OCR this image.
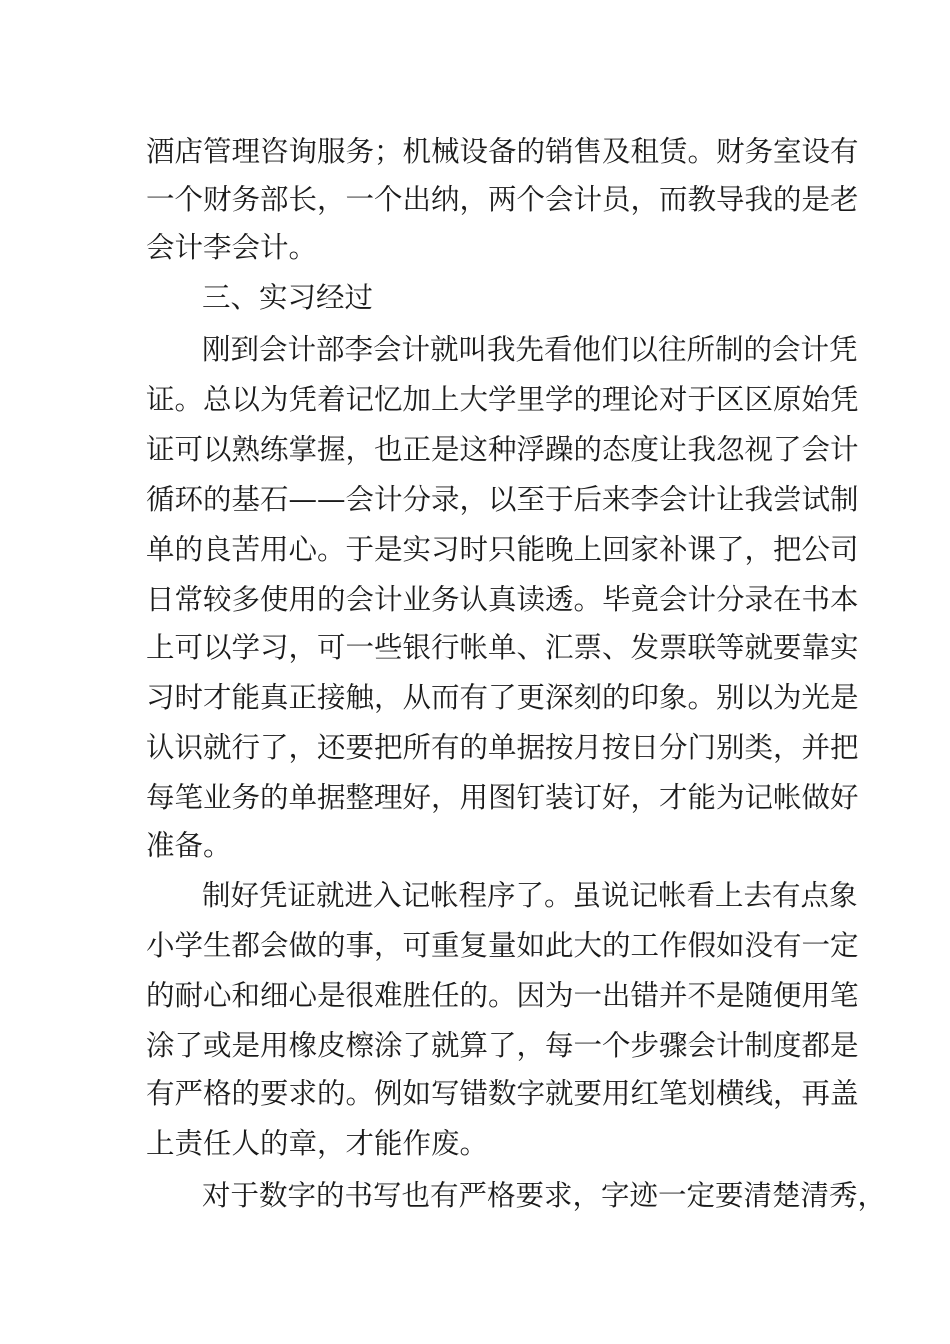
酒店管理咨询服务；机械设备的销售及租赁。财务室设有
一个财务部长，一个出纳，两个会计员，而教导我的是老
会计李会计。
三、实习经过
刚到会计部李会计就叫我先看他们以往所制的会计凭
证。总以为凭着记忆加上大学里学的理论对于区区原始凭
证可以熟练掌握，也正是这种浮躁的态度让我忽视了会计
循环的基石——会计分录，以至于后来李会计让我尝试制
单的良苦用心。于是实习时只能晚上回家补课了，把公司
日常较多使用的会计业务认真读透。毕竟会计分录在书本
上可以学习，可一些银行帐单、汇票、发票联等就要靠实
习时才能真正接触，从而有了更深刻的印象。别以为光是
认识就行了，还要把所有的单据按月按日分门别类，并把
每笔业务的单据整理好，用图钉装订好，才能为记帐做好
准备。
制好凭证就进入记帐程序了。虽说记帐看上去有点象
小学生都会做的事，可重复量如此大的工作假如没有一定
的耐心和细心是很难胜任的。因为一出错并不是随便用笔
涂了或是用橡皮檫涂了就算了，每一个步骤会计制度都是
有严格的要求的。例如写错数字就要用红笔划横线，再盖
上责任人的章，才能作废。
对于数字的书写也有严格要求，字迹一定要清楚清秀，
